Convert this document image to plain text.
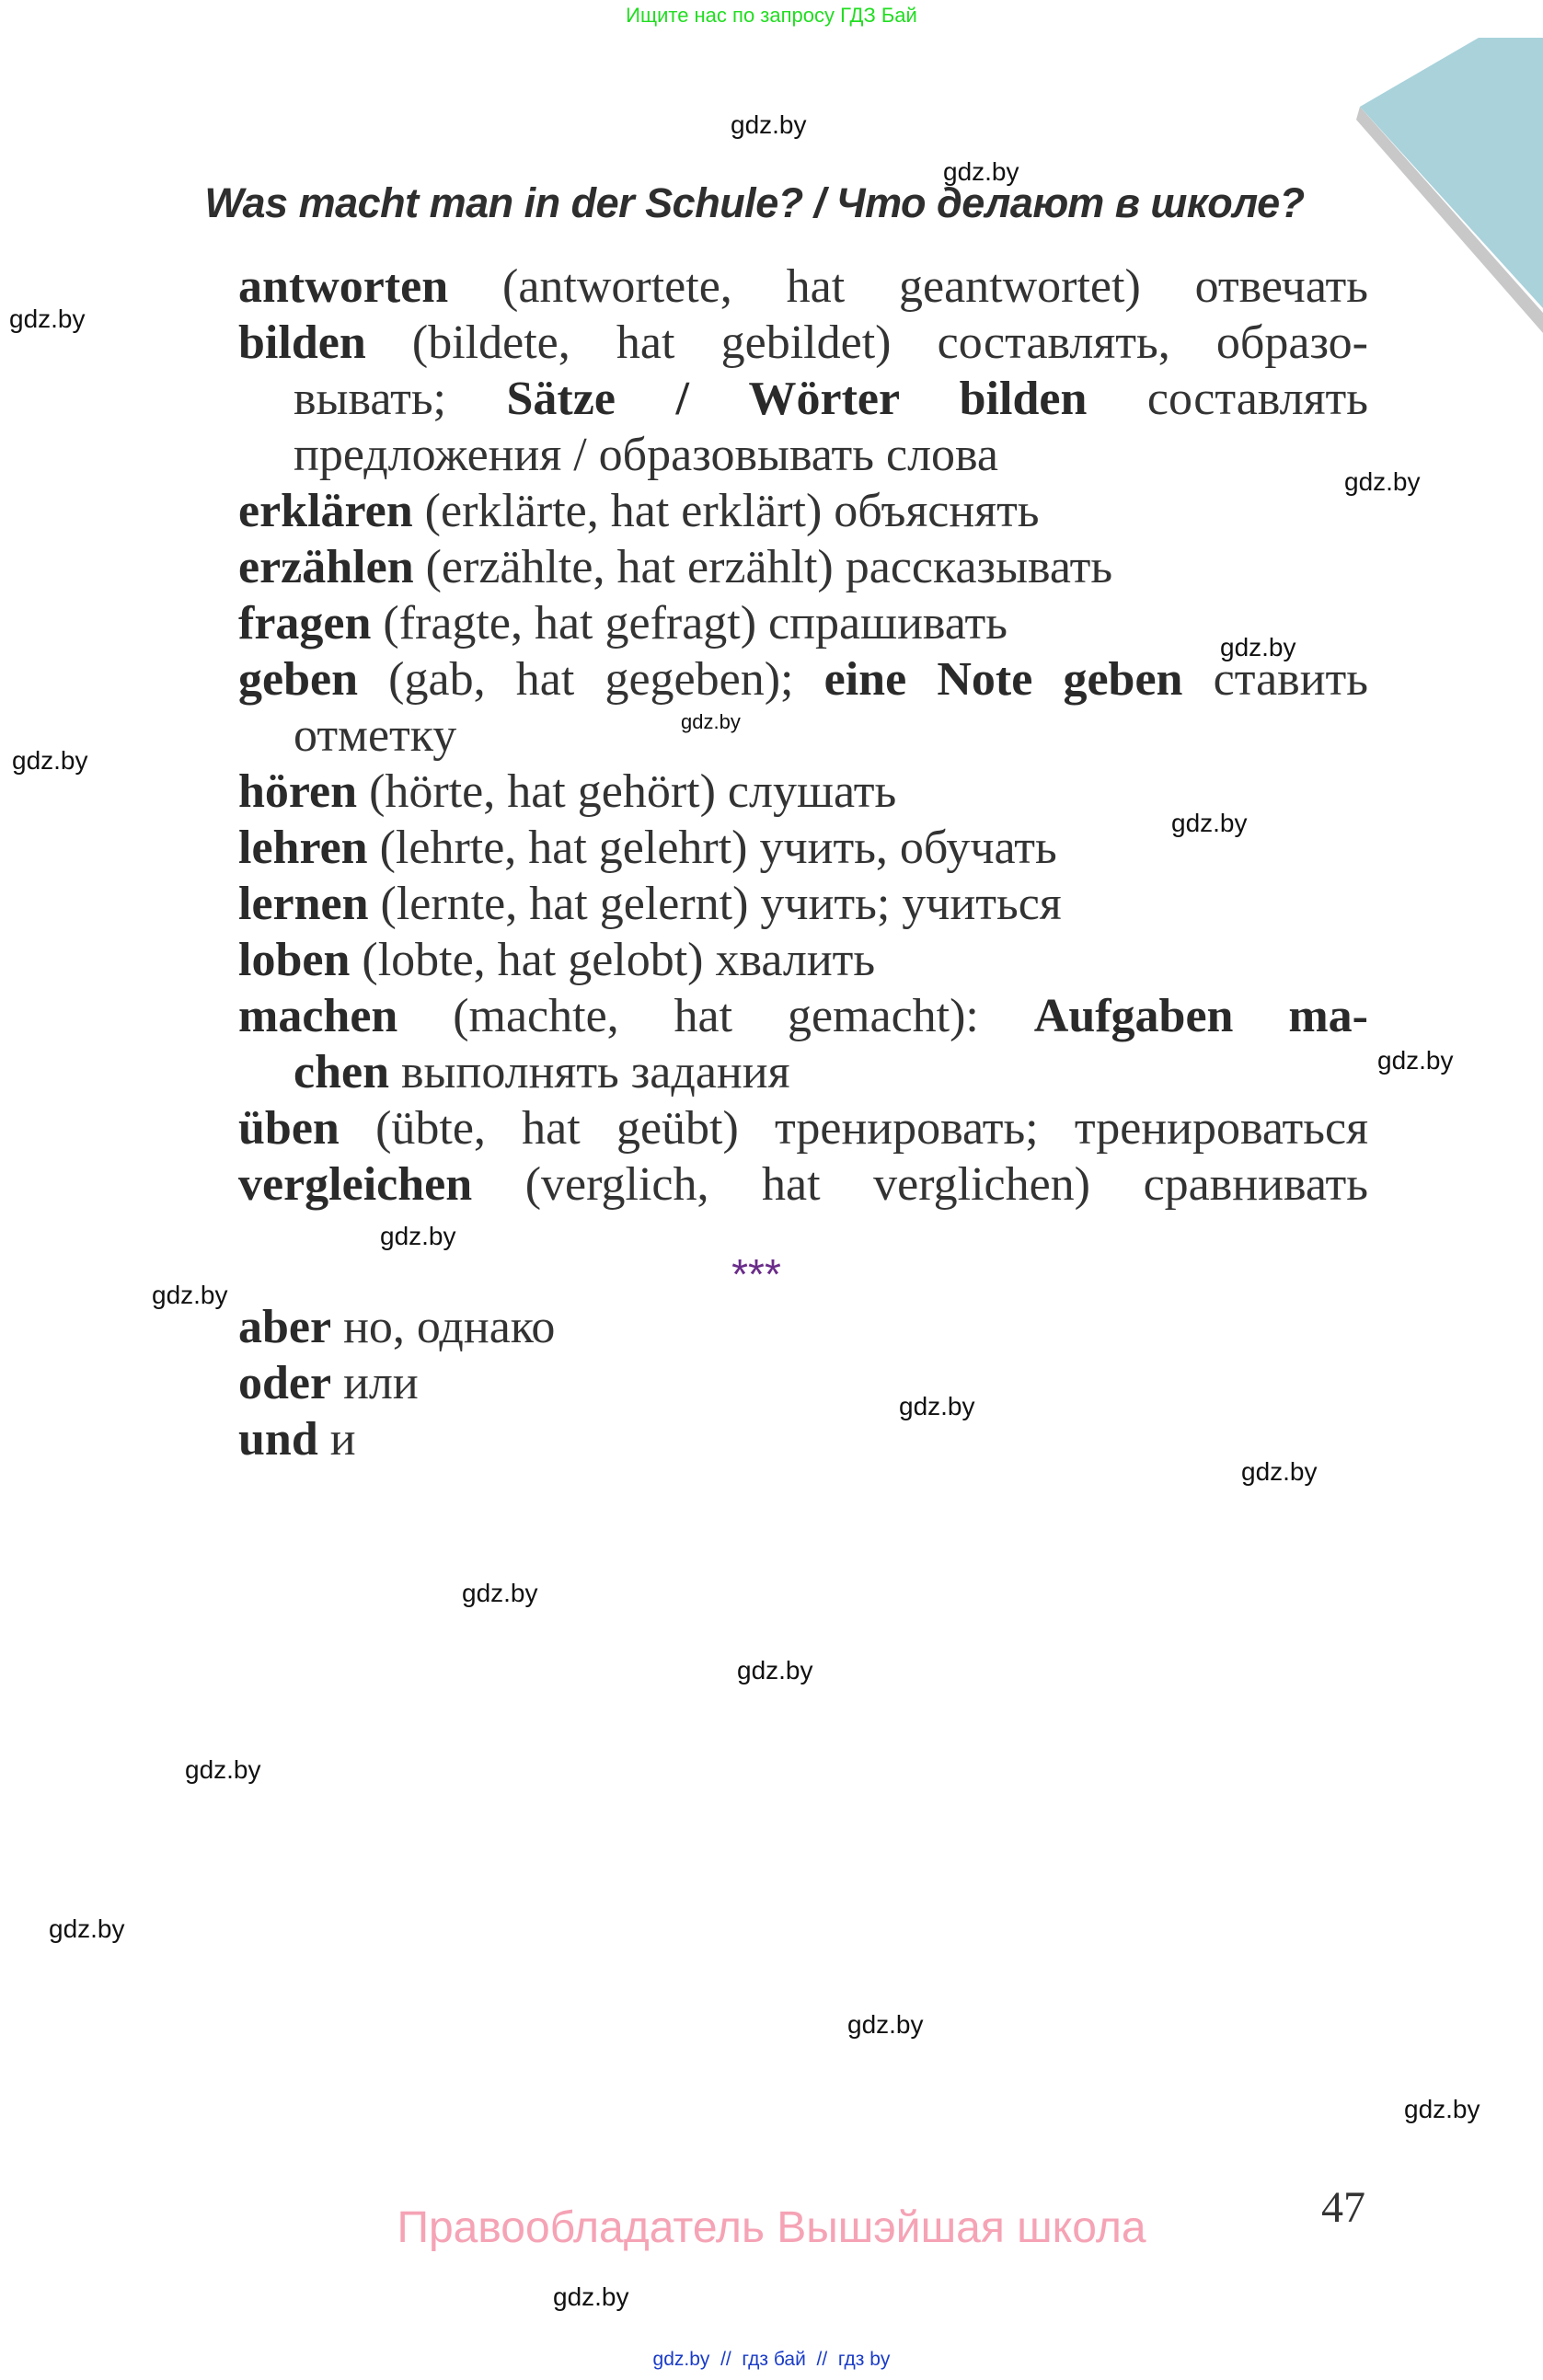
Ищите нас по запросу ГДЗ Бай
Was macht man in der Schule? / Что делают в школе?
antworten (antwortete, hat geantwortet) отвечать
bilden (bildete, hat gebildet) составлять, образо-
вывать; Sätze / Wörter bilden составлять
предложения / образовывать слова
erklären (erklärte, hat erklärt) объяснять
erzählen (erzählte, hat erzählt) рассказывать
fragen (fragte, hat gefragt) спрашивать
geben (gab, hat gegeben); eine Note geben ставить
отметку
hören (hörte, hat gehört) слушать
lehren (lehrte, hat gelehrt) учить, обучать
lernen (lernte, hat gelernt) учить; учиться
loben (lobte, hat gelobt) хвалить
machen (machte, hat gemacht): Aufgaben ma-
chen выполнять задания
üben (übte, hat geübt) тренировать; тренироваться
vergleichen (verglich, hat verglichen) сравнивать
***
aber но, однако
oder или
und и
gdz.by
gdz.by
gdz.by
gdz.by
gdz.by
gdz.by
gdz.by
gdz.by
gdz.by
gdz.by
gdz.by
gdz.by
gdz.by
gdz.by
gdz.by
gdz.by
gdz.by
gdz.by
gdz.by
gdz.by
47
Правообладатель Вышэйшая школа
gdz.by  //  гдз бай  //  гдз by
